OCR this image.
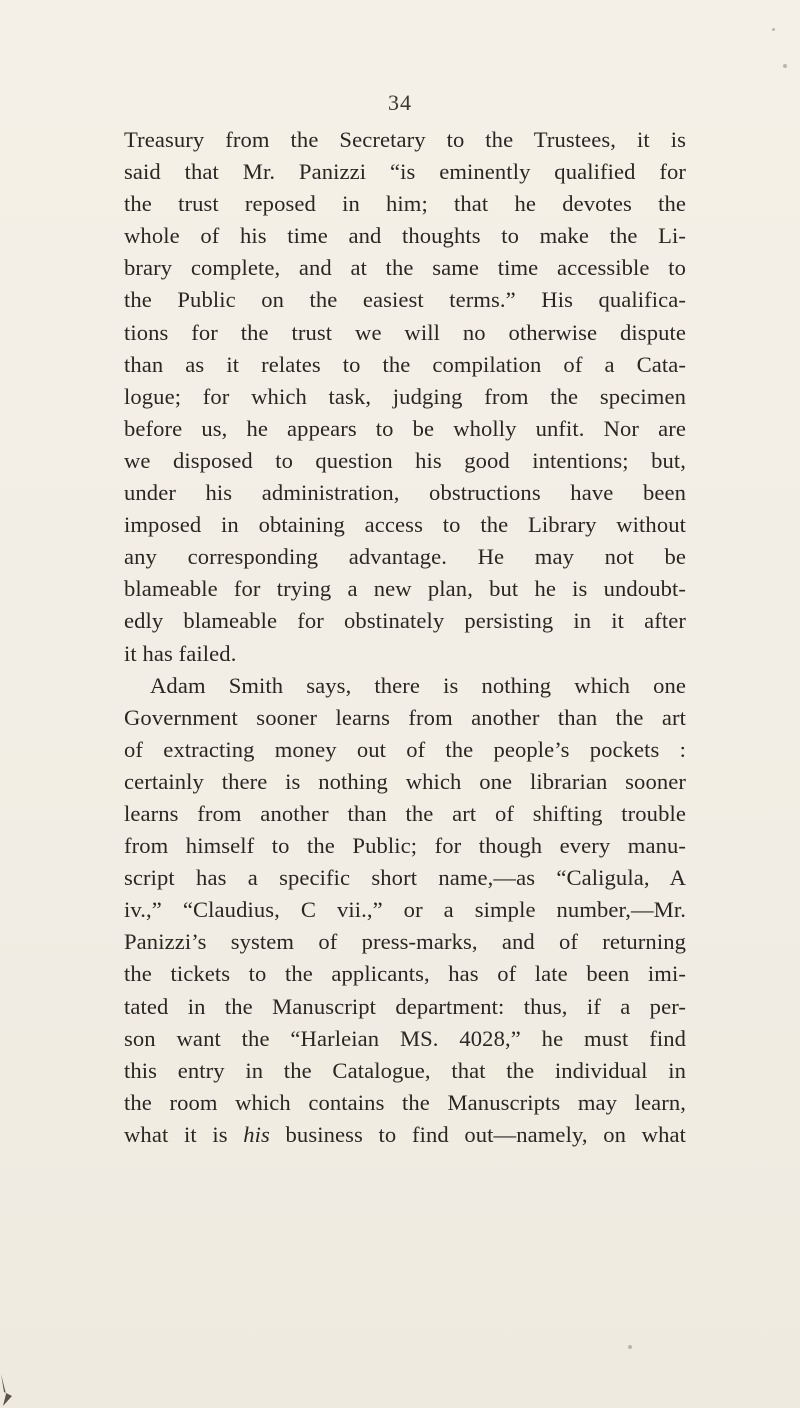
34
Treasury from the Secretary to the Trustees, it is
said that Mr. Panizzi “is eminently qualified for
the trust reposed in him; that he devotes the
whole of his time and thoughts to make the Li-
brary complete, and at the same time accessible to
the Public on the easiest terms.” His qualifica-
tions for the trust we will no otherwise dispute
than as it relates to the compilation of a Cata-
logue; for which task, judging from the specimen
before us, he appears to be wholly unfit. Nor are
we disposed to question his good intentions; but,
under his administration, obstructions have been
imposed in obtaining access to the Library without
any corresponding advantage. He may not be
blameable for trying a new plan, but he is undoubt-
edly blameable for obstinately persisting in it after
it has failed.
Adam Smith says, there is nothing which one
Government sooner learns from another than the art
of extracting money out of the people’s pockets :
certainly there is nothing which one librarian sooner
learns from another than the art of shifting trouble
from himself to the Public; for though every manu-
script has a specific short name,—as “Caligula, A
iv.,” “Claudius, C vii.,” or a simple number,—Mr.
Panizzi’s system of press-marks, and of returning
the tickets to the applicants, has of late been imi-
tated in the Manuscript department: thus, if a per-
son want the “Harleian MS. 4028,” he must find
this entry in the Catalogue, that the individual in
the room which contains the Manuscripts may learn,
what it is his business to find out—namely, on what
